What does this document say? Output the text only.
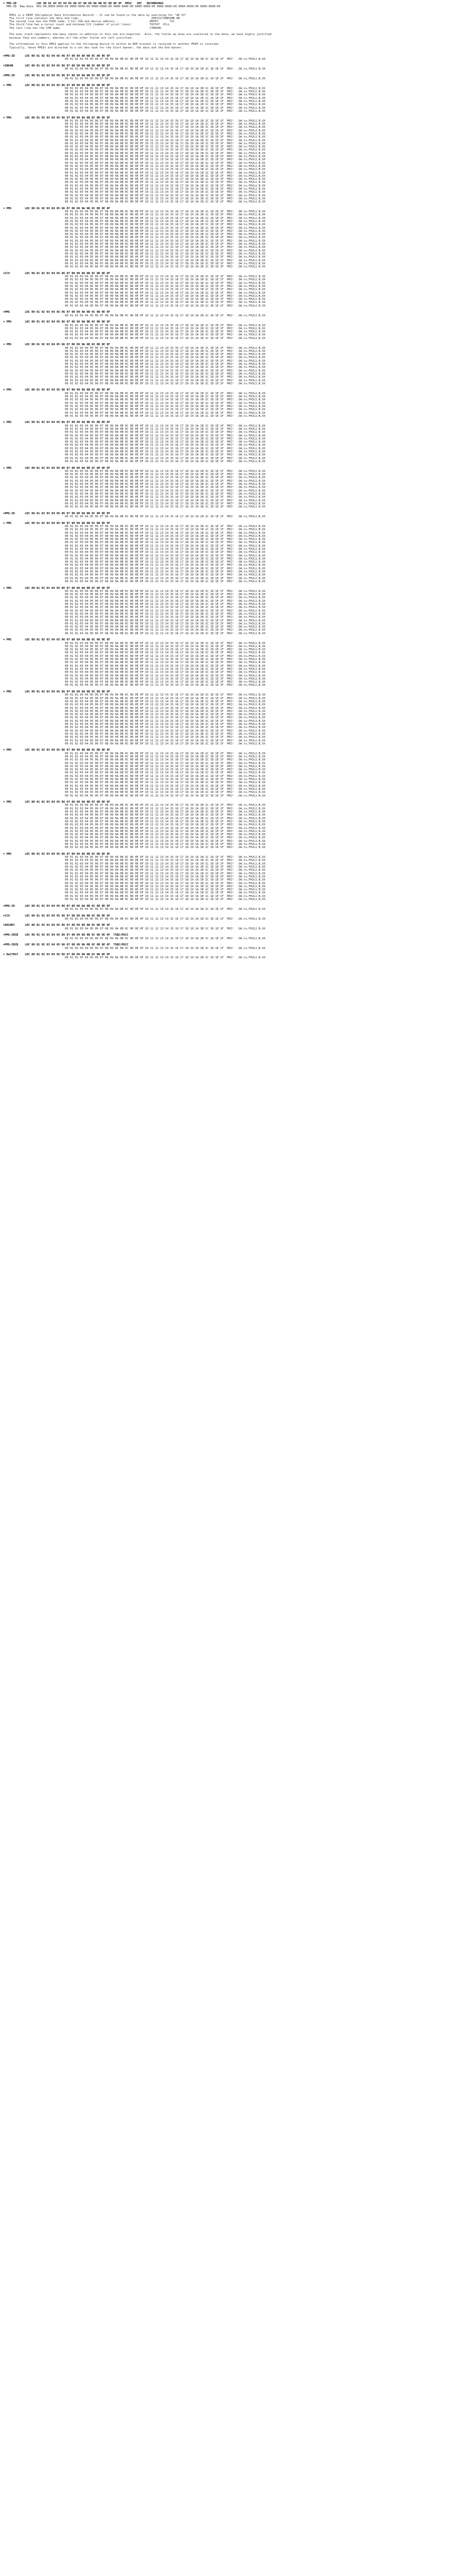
> PMS-ID            LOC 00 01 02 03 04 05 06 07 08 09 0A 0B 0C 0D 0E 0F  PMSI   INT   RECORDINGS
PMS-ID  Raw Data  001-00:0000-0000:00 0000-0000:00 0000-0000:00 0000-0000:00 0000-0000:00 0000-0000:00 0000-0000:00 0000-0000:00
PMSI is a PRIM (Peripheral Data Information Record) - It can be found in the data by searching for "4E 53"
The first line contains the date and time...                                         20H131730NHJMB HB
The second line has the PSHS name, 3 bit CUA and device address...                  ENTRY:      TIC
The third line has a cursor count and minimum I/O (number of print lines)           TVSTAT  VCLL
The last line has the SYM name.                                                     CTRNSHU
The exec stack represents how many copies in addition to this one are expected.  Also, the fields we know are scattered in the data, we have highly justified
because they are numbers, whereas all the other fields are left justified.
The information in this PMSI applies to the following device to within an NOP bracket is received or another PRIM is received.
Typically, these PMSIs are directed to a set dev task for the Start banner, the data and the End banner.
=PMS-ID      LOC 00 01 02 03 04 05 06 07 08 09 0A 0B 0C 0D 0E 0F
00 01 02 03 04 05 06 07 08 09 0A 0B 0C 0D 0E 0F 10 11 12 13 14 15 16 17 18 19 1A 1B 1C 1D 1E 1F  PRI!  .OA.tu.FHJL1.B.XX
=IB04B       LOC 00 01 02 03 04 05 06 07 08 09 0A 0B 0C 0D 0E 0F
00 01 02 03 04 05 06 07 08 09 0A 0B 0C 0D 0E 0F 10 11 12 13 14 15 16 17 18 19 1A 1B 1C 1D 1E 1F  PRI!  .OA.tu.FHJL1.B.XX
=PMS-ID      LOC 00 01 02 03 04 05 06 07 08 09 0A 0B 0C 0D 0E 0F
00 01 02 03 04 05 06 07 08 09 0A 0B 0C 0D 0E 0F 10 11 12 13 14 15 16 17 18 19 1A 1B 1C 1D 1E 1F  PRI!  .OA.tu.FHJL1.B.XX
= PMS        LOC 00 01 02 03 04 05 06 07 08 09 0A 0B 0C 0D 0E 0F
00 01 02 03 04 05 06 07 08 09 0A 0B 0C 0D 0E 0F 10 11 12 13 14 15 16 17 18 19 1A 1B 1C 1D 1E 1F  PRI!  .OA.tu.FHJL1.B.XX
00 01 02 03 04 05 06 07 08 09 0A 0B 0C 0D 0E 0F 10 11 12 13 14 15 16 17 18 19 1A 1B 1C 1D 1E 1F  PRI!  .OA.tu.FHJL1.B.XX
00 01 02 03 04 05 06 07 08 09 0A 0B 0C 0D 0E 0F 10 11 12 13 14 15 16 17 18 19 1A 1B 1C 1D 1E 1F  PRI!  .OA.tu.FHJL1.B.XX
00 01 02 03 04 05 06 07 08 09 0A 0B 0C 0D 0E 0F 10 11 12 13 14 15 16 17 18 19 1A 1B 1C 1D 1E 1F  PRI!  .OA.tu.FHJL1.B.XX
00 01 02 03 04 05 06 07 08 09 0A 0B 0C 0D 0E 0F 10 11 12 13 14 15 16 17 18 19 1A 1B 1C 1D 1E 1F  PRI!  .OA.tu.FHJL1.B.XX
00 01 02 03 04 05 06 07 08 09 0A 0B 0C 0D 0E 0F 10 11 12 13 14 15 16 17 18 19 1A 1B 1C 1D 1E 1F  PRI!  .OA.tu.FHJL1.B.XX
00 01 02 03 04 05 06 07 08 09 0A 0B 0C 0D 0E 0F 10 11 12 13 14 15 16 17 18 19 1A 1B 1C 1D 1E 1F  PRI!  .OA.tu.FHJL1.B.XX
00 01 02 03 04 05 06 07 08 09 0A 0B 0C 0D 0E 0F 10 11 12 13 14 15 16 17 18 19 1A 1B 1C 1D 1E 1F  PRI!  .OA.tu.FHJL1.B.XX
= PMS        LOC 00 01 02 03 04 05 06 07 08 09 0A 0B 0C 0D 0E 0F
00 01 02 03 04 05 06 07 08 09 0A 0B 0C 0D 0E 0F 10 11 12 13 14 15 16 17 18 19 1A 1B 1C 1D 1E 1F  PRI!  .OA.tu.FHJL1.B.XX
00 01 02 03 04 05 06 07 08 09 0A 0B 0C 0D 0E 0F 10 11 12 13 14 15 16 17 18 19 1A 1B 1C 1D 1E 1F  PRI!  .OA.tu.FHJL1.B.XX
00 01 02 03 04 05 06 07 08 09 0A 0B 0C 0D 0E 0F 10 11 12 13 14 15 16 17 18 19 1A 1B 1C 1D 1E 1F  PRI!  .OA.tu.FHJL1.B.XX
00 01 02 03 04 05 06 07 08 09 0A 0B 0C 0D 0E 0F 10 11 12 13 14 15 16 17 18 19 1A 1B 1C 1D 1E 1F  PRI!  .OA.tu.FHJL1.B.XX
00 01 02 03 04 05 06 07 08 09 0A 0B 0C 0D 0E 0F 10 11 12 13 14 15 16 17 18 19 1A 1B 1C 1D 1E 1F  PRI!  .OA.tu.FHJL1.B.XX
00 01 02 03 04 05 06 07 08 09 0A 0B 0C 0D 0E 0F 10 11 12 13 14 15 16 17 18 19 1A 1B 1C 1D 1E 1F  PRI!  .OA.tu.FHJL1.B.XX
00 01 02 03 04 05 06 07 08 09 0A 0B 0C 0D 0E 0F 10 11 12 13 14 15 16 17 18 19 1A 1B 1C 1D 1E 1F  PRI!  .OA.tu.FHJL1.B.XX
00 01 02 03 04 05 06 07 08 09 0A 0B 0C 0D 0E 0F 10 11 12 13 14 15 16 17 18 19 1A 1B 1C 1D 1E 1F  PRI!  .OA.tu.FHJL1.B.XX
00 01 02 03 04 05 06 07 08 09 0A 0B 0C 0D 0E 0F 10 11 12 13 14 15 16 17 18 19 1A 1B 1C 1D 1E 1F  PRI!  .OA.tu.FHJL1.B.XX
00 01 02 03 04 05 06 07 08 09 0A 0B 0C 0D 0E 0F 10 11 12 13 14 15 16 17 18 19 1A 1B 1C 1D 1E 1F  PRI!  .OA.tu.FHJL1.B.XX
00 01 02 03 04 05 06 07 08 09 0A 0B 0C 0D 0E 0F 10 11 12 13 14 15 16 17 18 19 1A 1B 1C 1D 1E 1F  PRI!  .OA.tu.FHJL1.B.XX
00 01 02 03 04 05 06 07 08 09 0A 0B 0C 0D 0E 0F 10 11 12 13 14 15 16 17 18 19 1A 1B 1C 1D 1E 1F  PRI!  .OA.tu.FHJL1.B.XX
00 01 02 03 04 05 06 07 08 09 0A 0B 0C 0D 0E 0F 10 11 12 13 14 15 16 17 18 19 1A 1B 1C 1D 1E 1F  PRI!  .OA.tu.FHJL1.B.XX
00 01 02 03 04 05 06 07 08 09 0A 0B 0C 0D 0E 0F 10 11 12 13 14 15 16 17 18 19 1A 1B 1C 1D 1E 1F  PRI!  .OA.tu.FHJL1.B.XX
00 01 02 03 04 05 06 07 08 09 0A 0B 0C 0D 0E 0F 10 11 12 13 14 15 16 17 18 19 1A 1B 1C 1D 1E 1F  PRI!  .OA.tu.FHJL1.B.XX
00 01 02 03 04 05 06 07 08 09 0A 0B 0C 0D 0E 0F 10 11 12 13 14 15 16 17 18 19 1A 1B 1C 1D 1E 1F  PRI!  .OA.tu.FHJL1.B.XX
00 01 02 03 04 05 06 07 08 09 0A 0B 0C 0D 0E 0F 10 11 12 13 14 15 16 17 18 19 1A 1B 1C 1D 1E 1F  PRI!  .OA.tu.FHJL1.B.XX
00 01 02 03 04 05 06 07 08 09 0A 0B 0C 0D 0E 0F 10 11 12 13 14 15 16 17 18 19 1A 1B 1C 1D 1E 1F  PRI!  .OA.tu.FHJL1.B.XX
00 01 02 03 04 05 06 07 08 09 0A 0B 0C 0D 0E 0F 10 11 12 13 14 15 16 17 18 19 1A 1B 1C 1D 1E 1F  PRI!  .OA.tu.FHJL1.B.XX
00 01 02 03 04 05 06 07 08 09 0A 0B 0C 0D 0E 0F 10 11 12 13 14 15 16 17 18 19 1A 1B 1C 1D 1E 1F  PRI!  .OA.tu.FHJL1.B.XX
00 01 02 03 04 05 06 07 08 09 0A 0B 0C 0D 0E 0F 10 11 12 13 14 15 16 17 18 19 1A 1B 1C 1D 1E 1F  PRI!  .OA.tu.FHJL1.B.XX
00 01 02 03 04 05 06 07 08 09 0A 0B 0C 0D 0E 0F 10 11 12 13 14 15 16 17 18 19 1A 1B 1C 1D 1E 1F  PRI!  .OA.tu.FHJL1.B.XX
00 01 02 03 04 05 06 07 08 09 0A 0B 0C 0D 0E 0F 10 11 12 13 14 15 16 17 18 19 1A 1B 1C 1D 1E 1F  PRI!  .OA.tu.FHJL1.B.XX
00 01 02 03 04 05 06 07 08 09 0A 0B 0C 0D 0E 0F 10 11 12 13 14 15 16 17 18 19 1A 1B 1C 1D 1E 1F  PRI!  .OA.tu.FHJL1.B.XX
00 01 02 03 04 05 06 07 08 09 0A 0B 0C 0D 0E 0F 10 11 12 13 14 15 16 17 18 19 1A 1B 1C 1D 1E 1F  PRI!  .OA.tu.FHJL1.B.XX
00 01 02 03 04 05 06 07 08 09 0A 0B 0C 0D 0E 0F 10 11 12 13 14 15 16 17 18 19 1A 1B 1C 1D 1E 1F  PRI!  .OA.tu.FHJL1.B.XX
= PMS        LOC 00 01 02 03 04 05 06 07 08 09 0A 0B 0C 0D 0E 0F
00 01 02 03 04 05 06 07 08 09 0A 0B 0C 0D 0E 0F 10 11 12 13 14 15 16 17 18 19 1A 1B 1C 1D 1E 1F  PRI!  .OA.tu.FHJL1.B.XX
00 01 02 03 04 05 06 07 08 09 0A 0B 0C 0D 0E 0F 10 11 12 13 14 15 16 17 18 19 1A 1B 1C 1D 1E 1F  PRI!  .OA.tu.FHJL1.B.XX
00 01 02 03 04 05 06 07 08 09 0A 0B 0C 0D 0E 0F 10 11 12 13 14 15 16 17 18 19 1A 1B 1C 1D 1E 1F  PRI!  .OA.tu.FHJL1.B.XX
00 01 02 03 04 05 06 07 08 09 0A 0B 0C 0D 0E 0F 10 11 12 13 14 15 16 17 18 19 1A 1B 1C 1D 1E 1F  PRI!  .OA.tu.FHJL1.B.XX
00 01 02 03 04 05 06 07 08 09 0A 0B 0C 0D 0E 0F 10 11 12 13 14 15 16 17 18 19 1A 1B 1C 1D 1E 1F  PRI!  .OA.tu.FHJL1.B.XX
00 01 02 03 04 05 06 07 08 09 0A 0B 0C 0D 0E 0F 10 11 12 13 14 15 16 17 18 19 1A 1B 1C 1D 1E 1F  PRI!  .OA.tu.FHJL1.B.XX
00 01 02 03 04 05 06 07 08 09 0A 0B 0C 0D 0E 0F 10 11 12 13 14 15 16 17 18 19 1A 1B 1C 1D 1E 1F  PRI!  .OA.tu.FHJL1.B.XX
00 01 02 03 04 05 06 07 08 09 0A 0B 0C 0D 0E 0F 10 11 12 13 14 15 16 17 18 19 1A 1B 1C 1D 1E 1F  PRI!  .OA.tu.FHJL1.B.XX
00 01 02 03 04 05 06 07 08 09 0A 0B 0C 0D 0E 0F 10 11 12 13 14 15 16 17 18 19 1A 1B 1C 1D 1E 1F  PRI!  .OA.tu.FHJL1.B.XX
00 01 02 03 04 05 06 07 08 09 0A 0B 0C 0D 0E 0F 10 11 12 13 14 15 16 17 18 19 1A 1B 1C 1D 1E 1F  PRI!  .OA.tu.FHJL1.B.XX
00 01 02 03 04 05 06 07 08 09 0A 0B 0C 0D 0E 0F 10 11 12 13 14 15 16 17 18 19 1A 1B 1C 1D 1E 1F  PRI!  .OA.tu.FHJL1.B.XX
00 01 02 03 04 05 06 07 08 09 0A 0B 0C 0D 0E 0F 10 11 12 13 14 15 16 17 18 19 1A 1B 1C 1D 1E 1F  PRI!  .OA.tu.FHJL1.B.XX
00 01 02 03 04 05 06 07 08 09 0A 0B 0C 0D 0E 0F 10 11 12 13 14 15 16 17 18 19 1A 1B 1C 1D 1E 1F  PRI!  .OA.tu.FHJL1.B.XX
00 01 02 03 04 05 06 07 08 09 0A 0B 0C 0D 0E 0F 10 11 12 13 14 15 16 17 18 19 1A 1B 1C 1D 1E 1F  PRI!  .OA.tu.FHJL1.B.XX
00 01 02 03 04 05 06 07 08 09 0A 0B 0C 0D 0E 0F 10 11 12 13 14 15 16 17 18 19 1A 1B 1C 1D 1E 1F  PRI!  .OA.tu.FHJL1.B.XX
00 01 02 03 04 05 06 07 08 09 0A 0B 0C 0D 0E 0F 10 11 12 13 14 15 16 17 18 19 1A 1B 1C 1D 1E 1F  PRI!  .OA.tu.FHJL1.B.XX
00 01 02 03 04 05 06 07 08 09 0A 0B 0C 0D 0E 0F 10 11 12 13 14 15 16 17 18 19 1A 1B 1C 1D 1E 1F  PRI!  .OA.tu.FHJL1.B.XX
00 01 02 03 04 05 06 07 08 09 0A 0B 0C 0D 0E 0F 10 11 12 13 14 15 16 17 18 19 1A 1B 1C 1D 1E 1F  PRI!  .OA.tu.FHJL1.B.XX
=CCV         LOC 00 01 02 03 04 05 06 07 08 09 0A 0B 0C 0D 0E 0F
00 01 02 03 04 05 06 07 08 09 0A 0B 0C 0D 0E 0F 10 11 12 13 14 15 16 17 18 19 1A 1B 1C 1D 1E 1F  PRI!  .OA.tu.FHJL1.B.XX
00 01 02 03 04 05 06 07 08 09 0A 0B 0C 0D 0E 0F 10 11 12 13 14 15 16 17 18 19 1A 1B 1C 1D 1E 1F  PRI!  .OA.tu.FHJL1.B.XX
00 01 02 03 04 05 06 07 08 09 0A 0B 0C 0D 0E 0F 10 11 12 13 14 15 16 17 18 19 1A 1B 1C 1D 1E 1F  PRI!  .OA.tu.FHJL1.B.XX
00 01 02 03 04 05 06 07 08 09 0A 0B 0C 0D 0E 0F 10 11 12 13 14 15 16 17 18 19 1A 1B 1C 1D 1E 1F  PRI!  .OA.tu.FHJL1.B.XX
00 01 02 03 04 05 06 07 08 09 0A 0B 0C 0D 0E 0F 10 11 12 13 14 15 16 17 18 19 1A 1B 1C 1D 1E 1F  PRI!  .OA.tu.FHJL1.B.XX
00 01 02 03 04 05 06 07 08 09 0A 0B 0C 0D 0E 0F 10 11 12 13 14 15 16 17 18 19 1A 1B 1C 1D 1E 1F  PRI!  .OA.tu.FHJL1.B.XX
00 01 02 03 04 05 06 07 08 09 0A 0B 0C 0D 0E 0F 10 11 12 13 14 15 16 17 18 19 1A 1B 1C 1D 1E 1F  PRI!  .OA.tu.FHJL1.B.XX
00 01 02 03 04 05 06 07 08 09 0A 0B 0C 0D 0E 0F 10 11 12 13 14 15 16 17 18 19 1A 1B 1C 1D 1E 1F  PRI!  .OA.tu.FHJL1.B.XX
00 01 02 03 04 05 06 07 08 09 0A 0B 0C 0D 0E 0F 10 11 12 13 14 15 16 17 18 19 1A 1B 1C 1D 1E 1F  PRI!  .OA.tu.FHJL1.B.XX
00 01 02 03 04 05 06 07 08 09 0A 0B 0C 0D 0E 0F 10 11 12 13 14 15 16 17 18 19 1A 1B 1C 1D 1E 1F  PRI!  .OA.tu.FHJL1.B.XX
=PMS         LOC 00 01 02 03 04 05 06 07 08 09 0A 0B 0C 0D 0E 0F
00 01 02 03 04 05 06 07 08 09 0A 0B 0C 0D 0E 0F 10 11 12 13 14 15 16 17 18 19 1A 1B 1C 1D 1E 1F  PRI!  .OA.tu.FHJL1.B.XX
= PMS        LOC 00 01 02 03 04 05 06 07 08 09 0A 0B 0C 0D 0E 0F
00 01 02 03 04 05 06 07 08 09 0A 0B 0C 0D 0E 0F 10 11 12 13 14 15 16 17 18 19 1A 1B 1C 1D 1E 1F  PRI!  .OA.tu.FHJL1.B.XX
00 01 02 03 04 05 06 07 08 09 0A 0B 0C 0D 0E 0F 10 11 12 13 14 15 16 17 18 19 1A 1B 1C 1D 1E 1F  PRI!  .OA.tu.FHJL1.B.XX
00 01 02 03 04 05 06 07 08 09 0A 0B 0C 0D 0E 0F 10 11 12 13 14 15 16 17 18 19 1A 1B 1C 1D 1E 1F  PRI!  .OA.tu.FHJL1.B.XX
00 01 02 03 04 05 06 07 08 09 0A 0B 0C 0D 0E 0F 10 11 12 13 14 15 16 17 18 19 1A 1B 1C 1D 1E 1F  PRI!  .OA.tu.FHJL1.B.XX
00 01 02 03 04 05 06 07 08 09 0A 0B 0C 0D 0E 0F 10 11 12 13 14 15 16 17 18 19 1A 1B 1C 1D 1E 1F  PRI!  .OA.tu.FHJL1.B.XX
= PMS        LOC 00 01 02 03 04 05 06 07 08 09 0A 0B 0C 0D 0E 0F
00 01 02 03 04 05 06 07 08 09 0A 0B 0C 0D 0E 0F 10 11 12 13 14 15 16 17 18 19 1A 1B 1C 1D 1E 1F  PRI!  .OA.tu.FHJL1.B.XX
00 01 02 03 04 05 06 07 08 09 0A 0B 0C 0D 0E 0F 10 11 12 13 14 15 16 17 18 19 1A 1B 1C 1D 1E 1F  PRI!  .OA.tu.FHJL1.B.XX
00 01 02 03 04 05 06 07 08 09 0A 0B 0C 0D 0E 0F 10 11 12 13 14 15 16 17 18 19 1A 1B 1C 1D 1E 1F  PRI!  .OA.tu.FHJL1.B.XX
00 01 02 03 04 05 06 07 08 09 0A 0B 0C 0D 0E 0F 10 11 12 13 14 15 16 17 18 19 1A 1B 1C 1D 1E 1F  PRI!  .OA.tu.FHJL1.B.XX
00 01 02 03 04 05 06 07 08 09 0A 0B 0C 0D 0E 0F 10 11 12 13 14 15 16 17 18 19 1A 1B 1C 1D 1E 1F  PRI!  .OA.tu.FHJL1.B.XX
00 01 02 03 04 05 06 07 08 09 0A 0B 0C 0D 0E 0F 10 11 12 13 14 15 16 17 18 19 1A 1B 1C 1D 1E 1F  PRI!  .OA.tu.FHJL1.B.XX
00 01 02 03 04 05 06 07 08 09 0A 0B 0C 0D 0E 0F 10 11 12 13 14 15 16 17 18 19 1A 1B 1C 1D 1E 1F  PRI!  .OA.tu.FHJL1.B.XX
00 01 02 03 04 05 06 07 08 09 0A 0B 0C 0D 0E 0F 10 11 12 13 14 15 16 17 18 19 1A 1B 1C 1D 1E 1F  PRI!  .OA.tu.FHJL1.B.XX
00 01 02 03 04 05 06 07 08 09 0A 0B 0C 0D 0E 0F 10 11 12 13 14 15 16 17 18 19 1A 1B 1C 1D 1E 1F  PRI!  .OA.tu.FHJL1.B.XX
00 01 02 03 04 05 06 07 08 09 0A 0B 0C 0D 0E 0F 10 11 12 13 14 15 16 17 18 19 1A 1B 1C 1D 1E 1F  PRI!  .OA.tu.FHJL1.B.XX
00 01 02 03 04 05 06 07 08 09 0A 0B 0C 0D 0E 0F 10 11 12 13 14 15 16 17 18 19 1A 1B 1C 1D 1E 1F  PRI!  .OA.tu.FHJL1.B.XX
00 01 02 03 04 05 06 07 08 09 0A 0B 0C 0D 0E 0F 10 11 12 13 14 15 16 17 18 19 1A 1B 1C 1D 1E 1F  PRI!  .OA.tu.FHJL1.B.XX
= PMS        LOC 00 01 02 03 04 05 06 07 08 09 0A 0B 0C 0D 0E 0F
00 01 02 03 04 05 06 07 08 09 0A 0B 0C 0D 0E 0F 10 11 12 13 14 15 16 17 18 19 1A 1B 1C 1D 1E 1F  PRI!  .OA.tu.FHJL1.B.XX
00 01 02 03 04 05 06 07 08 09 0A 0B 0C 0D 0E 0F 10 11 12 13 14 15 16 17 18 19 1A 1B 1C 1D 1E 1F  PRI!  .OA.tu.FHJL1.B.XX
00 01 02 03 04 05 06 07 08 09 0A 0B 0C 0D 0E 0F 10 11 12 13 14 15 16 17 18 19 1A 1B 1C 1D 1E 1F  PRI!  .OA.tu.FHJL1.B.XX
00 01 02 03 04 05 06 07 08 09 0A 0B 0C 0D 0E 0F 10 11 12 13 14 15 16 17 18 19 1A 1B 1C 1D 1E 1F  PRI!  .OA.tu.FHJL1.B.XX
00 01 02 03 04 05 06 07 08 09 0A 0B 0C 0D 0E 0F 10 11 12 13 14 15 16 17 18 19 1A 1B 1C 1D 1E 1F  PRI!  .OA.tu.FHJL1.B.XX
00 01 02 03 04 05 06 07 08 09 0A 0B 0C 0D 0E 0F 10 11 12 13 14 15 16 17 18 19 1A 1B 1C 1D 1E 1F  PRI!  .OA.tu.FHJL1.B.XX
00 01 02 03 04 05 06 07 08 09 0A 0B 0C 0D 0E 0F 10 11 12 13 14 15 16 17 18 19 1A 1B 1C 1D 1E 1F  PRI!  .OA.tu.FHJL1.B.XX
00 01 02 03 04 05 06 07 08 09 0A 0B 0C 0D 0E 0F 10 11 12 13 14 15 16 17 18 19 1A 1B 1C 1D 1E 1F  PRI!  .OA.tu.FHJL1.B.XX
= PMS        LOC 00 01 02 03 04 05 06 07 08 09 0A 0B 0C 0D 0E 0F
00 01 02 03 04 05 06 07 08 09 0A 0B 0C 0D 0E 0F 10 11 12 13 14 15 16 17 18 19 1A 1B 1C 1D 1E 1F  PRI!  .OA.tu.FHJL1.B.XX
00 01 02 03 04 05 06 07 08 09 0A 0B 0C 0D 0E 0F 10 11 12 13 14 15 16 17 18 19 1A 1B 1C 1D 1E 1F  PRI!  .OA.tu.FHJL1.B.XX
00 01 02 03 04 05 06 07 08 09 0A 0B 0C 0D 0E 0F 10 11 12 13 14 15 16 17 18 19 1A 1B 1C 1D 1E 1F  PRI!  .OA.tu.FHJL1.B.XX
00 01 02 03 04 05 06 07 08 09 0A 0B 0C 0D 0E 0F 10 11 12 13 14 15 16 17 18 19 1A 1B 1C 1D 1E 1F  PRI!  .OA.tu.FHJL1.B.XX
00 01 02 03 04 05 06 07 08 09 0A 0B 0C 0D 0E 0F 10 11 12 13 14 15 16 17 18 19 1A 1B 1C 1D 1E 1F  PRI!  .OA.tu.FHJL1.B.XX
00 01 02 03 04 05 06 07 08 09 0A 0B 0C 0D 0E 0F 10 11 12 13 14 15 16 17 18 19 1A 1B 1C 1D 1E 1F  PRI!  .OA.tu.FHJL1.B.XX
00 01 02 03 04 05 06 07 08 09 0A 0B 0C 0D 0E 0F 10 11 12 13 14 15 16 17 18 19 1A 1B 1C 1D 1E 1F  PRI!  .OA.tu.FHJL1.B.XX
00 01 02 03 04 05 06 07 08 09 0A 0B 0C 0D 0E 0F 10 11 12 13 14 15 16 17 18 19 1A 1B 1C 1D 1E 1F  PRI!  .OA.tu.FHJL1.B.XX
00 01 02 03 04 05 06 07 08 09 0A 0B 0C 0D 0E 0F 10 11 12 13 14 15 16 17 18 19 1A 1B 1C 1D 1E 1F  PRI!  .OA.tu.FHJL1.B.XX
00 01 02 03 04 05 06 07 08 09 0A 0B 0C 0D 0E 0F 10 11 12 13 14 15 16 17 18 19 1A 1B 1C 1D 1E 1F  PRI!  .OA.tu.FHJL1.B.XX
00 01 02 03 04 05 06 07 08 09 0A 0B 0C 0D 0E 0F 10 11 12 13 14 15 16 17 18 19 1A 1B 1C 1D 1E 1F  PRI!  .OA.tu.FHJL1.B.XX
00 01 02 03 04 05 06 07 08 09 0A 0B 0C 0D 0E 0F 10 11 12 13 14 15 16 17 18 19 1A 1B 1C 1D 1E 1F  PRI!  .OA.tu.FHJL1.B.XX
= PMS        LOC 00 01 02 03 04 05 06 07 08 09 0A 0B 0C 0D 0E 0F
00 01 02 03 04 05 06 07 08 09 0A 0B 0C 0D 0E 0F 10 11 12 13 14 15 16 17 18 19 1A 1B 1C 1D 1E 1F  PRI!  .OA.tu.FHJL1.B.XX
00 01 02 03 04 05 06 07 08 09 0A 0B 0C 0D 0E 0F 10 11 12 13 14 15 16 17 18 19 1A 1B 1C 1D 1E 1F  PRI!  .OA.tu.FHJL1.B.XX
00 01 02 03 04 05 06 07 08 09 0A 0B 0C 0D 0E 0F 10 11 12 13 14 15 16 17 18 19 1A 1B 1C 1D 1E 1F  PRI!  .OA.tu.FHJL1.B.XX
00 01 02 03 04 05 06 07 08 09 0A 0B 0C 0D 0E 0F 10 11 12 13 14 15 16 17 18 19 1A 1B 1C 1D 1E 1F  PRI!  .OA.tu.FHJL1.B.XX
00 01 02 03 04 05 06 07 08 09 0A 0B 0C 0D 0E 0F 10 11 12 13 14 15 16 17 18 19 1A 1B 1C 1D 1E 1F  PRI!  .OA.tu.FHJL1.B.XX
00 01 02 03 04 05 06 07 08 09 0A 0B 0C 0D 0E 0F 10 11 12 13 14 15 16 17 18 19 1A 1B 1C 1D 1E 1F  PRI!  .OA.tu.FHJL1.B.XX
00 01 02 03 04 05 06 07 08 09 0A 0B 0C 0D 0E 0F 10 11 12 13 14 15 16 17 18 19 1A 1B 1C 1D 1E 1F  PRI!  .OA.tu.FHJL1.B.XX
00 01 02 03 04 05 06 07 08 09 0A 0B 0C 0D 0E 0F 10 11 12 13 14 15 16 17 18 19 1A 1B 1C 1D 1E 1F  PRI!  .OA.tu.FHJL1.B.XX
00 01 02 03 04 05 06 07 08 09 0A 0B 0C 0D 0E 0F 10 11 12 13 14 15 16 17 18 19 1A 1B 1C 1D 1E 1F  PRI!  .OA.tu.FHJL1.B.XX
00 01 02 03 04 05 06 07 08 09 0A 0B 0C 0D 0E 0F 10 11 12 13 14 15 16 17 18 19 1A 1B 1C 1D 1E 1F  PRI!  .OA.tu.FHJL1.B.XX
00 01 02 03 04 05 06 07 08 09 0A 0B 0C 0D 0E 0F 10 11 12 13 14 15 16 17 18 19 1A 1B 1C 1D 1E 1F  PRI!  .OA.tu.FHJL1.B.XX
00 01 02 03 04 05 06 07 08 09 0A 0B 0C 0D 0E 0F 10 11 12 13 14 15 16 17 18 19 1A 1B 1C 1D 1E 1F  PRI!  .OA.tu.FHJL1.B.XX
=PMS-ID      LOC 00 01 02 03 04 05 06 07 08 09 0A 0B 0C 0D 0E 0F
00 01 02 03 04 05 06 07 08 09 0A 0B 0C 0D 0E 0F 10 11 12 13 14 15 16 17 18 19 1A 1B 1C 1D 1E 1F  PRI!  .OA.tu.FHJL1.B.XX
= PMS        LOC 00 01 02 03 04 05 06 07 08 09 0A 0B 0C 0D 0E 0F
00 01 02 03 04 05 06 07 08 09 0A 0B 0C 0D 0E 0F 10 11 12 13 14 15 16 17 18 19 1A 1B 1C 1D 1E 1F  PRI!  .OA.tu.FHJL1.B.XX
00 01 02 03 04 05 06 07 08 09 0A 0B 0C 0D 0E 0F 10 11 12 13 14 15 16 17 18 19 1A 1B 1C 1D 1E 1F  PRI!  .OA.tu.FHJL1.B.XX
00 01 02 03 04 05 06 07 08 09 0A 0B 0C 0D 0E 0F 10 11 12 13 14 15 16 17 18 19 1A 1B 1C 1D 1E 1F  PRI!  .OA.tu.FHJL1.B.XX
00 01 02 03 04 05 06 07 08 09 0A 0B 0C 0D 0E 0F 10 11 12 13 14 15 16 17 18 19 1A 1B 1C 1D 1E 1F  PRI!  .OA.tu.FHJL1.B.XX
00 01 02 03 04 05 06 07 08 09 0A 0B 0C 0D 0E 0F 10 11 12 13 14 15 16 17 18 19 1A 1B 1C 1D 1E 1F  PRI!  .OA.tu.FHJL1.B.XX
00 01 02 03 04 05 06 07 08 09 0A 0B 0C 0D 0E 0F 10 11 12 13 14 15 16 17 18 19 1A 1B 1C 1D 1E 1F  PRI!  .OA.tu.FHJL1.B.XX
00 01 02 03 04 05 06 07 08 09 0A 0B 0C 0D 0E 0F 10 11 12 13 14 15 16 17 18 19 1A 1B 1C 1D 1E 1F  PRI!  .OA.tu.FHJL1.B.XX
00 01 02 03 04 05 06 07 08 09 0A 0B 0C 0D 0E 0F 10 11 12 13 14 15 16 17 18 19 1A 1B 1C 1D 1E 1F  PRI!  .OA.tu.FHJL1.B.XX
00 01 02 03 04 05 06 07 08 09 0A 0B 0C 0D 0E 0F 10 11 12 13 14 15 16 17 18 19 1A 1B 1C 1D 1E 1F  PRI!  .OA.tu.FHJL1.B.XX
00 01 02 03 04 05 06 07 08 09 0A 0B 0C 0D 0E 0F 10 11 12 13 14 15 16 17 18 19 1A 1B 1C 1D 1E 1F  PRI!  .OA.tu.FHJL1.B.XX
00 01 02 03 04 05 06 07 08 09 0A 0B 0C 0D 0E 0F 10 11 12 13 14 15 16 17 18 19 1A 1B 1C 1D 1E 1F  PRI!  .OA.tu.FHJL1.B.XX
00 01 02 03 04 05 06 07 08 09 0A 0B 0C 0D 0E 0F 10 11 12 13 14 15 16 17 18 19 1A 1B 1C 1D 1E 1F  PRI!  .OA.tu.FHJL1.B.XX
00 01 02 03 04 05 06 07 08 09 0A 0B 0C 0D 0E 0F 10 11 12 13 14 15 16 17 18 19 1A 1B 1C 1D 1E 1F  PRI!  .OA.tu.FHJL1.B.XX
00 01 02 03 04 05 06 07 08 09 0A 0B 0C 0D 0E 0F 10 11 12 13 14 15 16 17 18 19 1A 1B 1C 1D 1E 1F  PRI!  .OA.tu.FHJL1.B.XX
00 01 02 03 04 05 06 07 08 09 0A 0B 0C 0D 0E 0F 10 11 12 13 14 15 16 17 18 19 1A 1B 1C 1D 1E 1F  PRI!  .OA.tu.FHJL1.B.XX
00 01 02 03 04 05 06 07 08 09 0A 0B 0C 0D 0E 0F 10 11 12 13 14 15 16 17 18 19 1A 1B 1C 1D 1E 1F  PRI!  .OA.tu.FHJL1.B.XX
00 01 02 03 04 05 06 07 08 09 0A 0B 0C 0D 0E 0F 10 11 12 13 14 15 16 17 18 19 1A 1B 1C 1D 1E 1F  PRI!  .OA.tu.FHJL1.B.XX
00 01 02 03 04 05 06 07 08 09 0A 0B 0C 0D 0E 0F 10 11 12 13 14 15 16 17 18 19 1A 1B 1C 1D 1E 1F  PRI!  .OA.tu.FHJL1.B.XX
= PMS        LOC 00 01 02 03 04 05 06 07 08 09 0A 0B 0C 0D 0E 0F
00 01 02 03 04 05 06 07 08 09 0A 0B 0C 0D 0E 0F 10 11 12 13 14 15 16 17 18 19 1A 1B 1C 1D 1E 1F  PRI!  .OA.tu.FHJL1.B.XX
00 01 02 03 04 05 06 07 08 09 0A 0B 0C 0D 0E 0F 10 11 12 13 14 15 16 17 18 19 1A 1B 1C 1D 1E 1F  PRI!  .OA.tu.FHJL1.B.XX
00 01 02 03 04 05 06 07 08 09 0A 0B 0C 0D 0E 0F 10 11 12 13 14 15 16 17 18 19 1A 1B 1C 1D 1E 1F  PRI!  .OA.tu.FHJL1.B.XX
00 01 02 03 04 05 06 07 08 09 0A 0B 0C 0D 0E 0F 10 11 12 13 14 15 16 17 18 19 1A 1B 1C 1D 1E 1F  PRI!  .OA.tu.FHJL1.B.XX
00 01 02 03 04 05 06 07 08 09 0A 0B 0C 0D 0E 0F 10 11 12 13 14 15 16 17 18 19 1A 1B 1C 1D 1E 1F  PRI!  .OA.tu.FHJL1.B.XX
00 01 02 03 04 05 06 07 08 09 0A 0B 0C 0D 0E 0F 10 11 12 13 14 15 16 17 18 19 1A 1B 1C 1D 1E 1F  PRI!  .OA.tu.FHJL1.B.XX
00 01 02 03 04 05 06 07 08 09 0A 0B 0C 0D 0E 0F 10 11 12 13 14 15 16 17 18 19 1A 1B 1C 1D 1E 1F  PRI!  .OA.tu.FHJL1.B.XX
00 01 02 03 04 05 06 07 08 09 0A 0B 0C 0D 0E 0F 10 11 12 13 14 15 16 17 18 19 1A 1B 1C 1D 1E 1F  PRI!  .OA.tu.FHJL1.B.XX
00 01 02 03 04 05 06 07 08 09 0A 0B 0C 0D 0E 0F 10 11 12 13 14 15 16 17 18 19 1A 1B 1C 1D 1E 1F  PRI!  .OA.tu.FHJL1.B.XX
00 01 02 03 04 05 06 07 08 09 0A 0B 0C 0D 0E 0F 10 11 12 13 14 15 16 17 18 19 1A 1B 1C 1D 1E 1F  PRI!  .OA.tu.FHJL1.B.XX
00 01 02 03 04 05 06 07 08 09 0A 0B 0C 0D 0E 0F 10 11 12 13 14 15 16 17 18 19 1A 1B 1C 1D 1E 1F  PRI!  .OA.tu.FHJL1.B.XX
00 01 02 03 04 05 06 07 08 09 0A 0B 0C 0D 0E 0F 10 11 12 13 14 15 16 17 18 19 1A 1B 1C 1D 1E 1F  PRI!  .OA.tu.FHJL1.B.XX
00 01 02 03 04 05 06 07 08 09 0A 0B 0C 0D 0E 0F 10 11 12 13 14 15 16 17 18 19 1A 1B 1C 1D 1E 1F  PRI!  .OA.tu.FHJL1.B.XX
00 01 02 03 04 05 06 07 08 09 0A 0B 0C 0D 0E 0F 10 11 12 13 14 15 16 17 18 19 1A 1B 1C 1D 1E 1F  PRI!  .OA.tu.FHJL1.B.XX
= PMS        LOC 00 01 02 03 04 05 06 07 08 09 0A 0B 0C 0D 0E 0F
00 01 02 03 04 05 06 07 08 09 0A 0B 0C 0D 0E 0F 10 11 12 13 14 15 16 17 18 19 1A 1B 1C 1D 1E 1F  PRI!  .OA.tu.FHJL1.B.XX
00 01 02 03 04 05 06 07 08 09 0A 0B 0C 0D 0E 0F 10 11 12 13 14 15 16 17 18 19 1A 1B 1C 1D 1E 1F  PRI!  .OA.tu.FHJL1.B.XX
00 01 02 03 04 05 06 07 08 09 0A 0B 0C 0D 0E 0F 10 11 12 13 14 15 16 17 18 19 1A 1B 1C 1D 1E 1F  PRI!  .OA.tu.FHJL1.B.XX
00 01 02 03 04 05 06 07 08 09 0A 0B 0C 0D 0E 0F 10 11 12 13 14 15 16 17 18 19 1A 1B 1C 1D 1E 1F  PRI!  .OA.tu.FHJL1.B.XX
00 01 02 03 04 05 06 07 08 09 0A 0B 0C 0D 0E 0F 10 11 12 13 14 15 16 17 18 19 1A 1B 1C 1D 1E 1F  PRI!  .OA.tu.FHJL1.B.XX
00 01 02 03 04 05 06 07 08 09 0A 0B 0C 0D 0E 0F 10 11 12 13 14 15 16 17 18 19 1A 1B 1C 1D 1E 1F  PRI!  .OA.tu.FHJL1.B.XX
00 01 02 03 04 05 06 07 08 09 0A 0B 0C 0D 0E 0F 10 11 12 13 14 15 16 17 18 19 1A 1B 1C 1D 1E 1F  PRI!  .OA.tu.FHJL1.B.XX
00 01 02 03 04 05 06 07 08 09 0A 0B 0C 0D 0E 0F 10 11 12 13 14 15 16 17 18 19 1A 1B 1C 1D 1E 1F  PRI!  .OA.tu.FHJL1.B.XX
00 01 02 03 04 05 06 07 08 09 0A 0B 0C 0D 0E 0F 10 11 12 13 14 15 16 17 18 19 1A 1B 1C 1D 1E 1F  PRI!  .OA.tu.FHJL1.B.XX
00 01 02 03 04 05 06 07 08 09 0A 0B 0C 0D 0E 0F 10 11 12 13 14 15 16 17 18 19 1A 1B 1C 1D 1E 1F  PRI!  .OA.tu.FHJL1.B.XX
00 01 02 03 04 05 06 07 08 09 0A 0B 0C 0D 0E 0F 10 11 12 13 14 15 16 17 18 19 1A 1B 1C 1D 1E 1F  PRI!  .OA.tu.FHJL1.B.XX
00 01 02 03 04 05 06 07 08 09 0A 0B 0C 0D 0E 0F 10 11 12 13 14 15 16 17 18 19 1A 1B 1C 1D 1E 1F  PRI!  .OA.tu.FHJL1.B.XX
00 01 02 03 04 05 06 07 08 09 0A 0B 0C 0D 0E 0F 10 11 12 13 14 15 16 17 18 19 1A 1B 1C 1D 1E 1F  PRI!  .OA.tu.FHJL1.B.XX
00 01 02 03 04 05 06 07 08 09 0A 0B 0C 0D 0E 0F 10 11 12 13 14 15 16 17 18 19 1A 1B 1C 1D 1E 1F  PRI!  .OA.tu.FHJL1.B.XX
= PMS        LOC 00 01 02 03 04 05 06 07 08 09 0A 0B 0C 0D 0E 0F
00 01 02 03 04 05 06 07 08 09 0A 0B 0C 0D 0E 0F 10 11 12 13 14 15 16 17 18 19 1A 1B 1C 1D 1E 1F  PRI!  .OA.tu.FHJL1.B.XX
00 01 02 03 04 05 06 07 08 09 0A 0B 0C 0D 0E 0F 10 11 12 13 14 15 16 17 18 19 1A 1B 1C 1D 1E 1F  PRI!  .OA.tu.FHJL1.B.XX
00 01 02 03 04 05 06 07 08 09 0A 0B 0C 0D 0E 0F 10 11 12 13 14 15 16 17 18 19 1A 1B 1C 1D 1E 1F  PRI!  .OA.tu.FHJL1.B.XX
00 01 02 03 04 05 06 07 08 09 0A 0B 0C 0D 0E 0F 10 11 12 13 14 15 16 17 18 19 1A 1B 1C 1D 1E 1F  PRI!  .OA.tu.FHJL1.B.XX
00 01 02 03 04 05 06 07 08 09 0A 0B 0C 0D 0E 0F 10 11 12 13 14 15 16 17 18 19 1A 1B 1C 1D 1E 1F  PRI!  .OA.tu.FHJL1.B.XX
00 01 02 03 04 05 06 07 08 09 0A 0B 0C 0D 0E 0F 10 11 12 13 14 15 16 17 18 19 1A 1B 1C 1D 1E 1F  PRI!  .OA.tu.FHJL1.B.XX
00 01 02 03 04 05 06 07 08 09 0A 0B 0C 0D 0E 0F 10 11 12 13 14 15 16 17 18 19 1A 1B 1C 1D 1E 1F  PRI!  .OA.tu.FHJL1.B.XX
00 01 02 03 04 05 06 07 08 09 0A 0B 0C 0D 0E 0F 10 11 12 13 14 15 16 17 18 19 1A 1B 1C 1D 1E 1F  PRI!  .OA.tu.FHJL1.B.XX
00 01 02 03 04 05 06 07 08 09 0A 0B 0C 0D 0E 0F 10 11 12 13 14 15 16 17 18 19 1A 1B 1C 1D 1E 1F  PRI!  .OA.tu.FHJL1.B.XX
00 01 02 03 04 05 06 07 08 09 0A 0B 0C 0D 0E 0F 10 11 12 13 14 15 16 17 18 19 1A 1B 1C 1D 1E 1F  PRI!  .OA.tu.FHJL1.B.XX
00 01 02 03 04 05 06 07 08 09 0A 0B 0C 0D 0E 0F 10 11 12 13 14 15 16 17 18 19 1A 1B 1C 1D 1E 1F  PRI!  .OA.tu.FHJL1.B.XX
00 01 02 03 04 05 06 07 08 09 0A 0B 0C 0D 0E 0F 10 11 12 13 14 15 16 17 18 19 1A 1B 1C 1D 1E 1F  PRI!  .OA.tu.FHJL1.B.XX
00 01 02 03 04 05 06 07 08 09 0A 0B 0C 0D 0E 0F 10 11 12 13 14 15 16 17 18 19 1A 1B 1C 1D 1E 1F  PRI!  .OA.tu.FHJL1.B.XX
00 01 02 03 04 05 06 07 08 09 0A 0B 0C 0D 0E 0F 10 11 12 13 14 15 16 17 18 19 1A 1B 1C 1D 1E 1F  PRI!  .OA.tu.FHJL1.B.XX
00 01 02 03 04 05 06 07 08 09 0A 0B 0C 0D 0E 0F 10 11 12 13 14 15 16 17 18 19 1A 1B 1C 1D 1E 1F  PRI!  .OA.tu.FHJL1.B.XX
00 01 02 03 04 05 06 07 08 09 0A 0B 0C 0D 0E 0F 10 11 12 13 14 15 16 17 18 19 1A 1B 1C 1D 1E 1F  PRI!  .OA.tu.FHJL1.B.XX
= PMS        LOC 00 01 02 03 04 05 06 07 08 09 0A 0B 0C 0D 0E 0F
00 01 02 03 04 05 06 07 08 09 0A 0B 0C 0D 0E 0F 10 11 12 13 14 15 16 17 18 19 1A 1B 1C 1D 1E 1F  PRI!  .OA.tu.FHJL1.B.XX
00 01 02 03 04 05 06 07 08 09 0A 0B 0C 0D 0E 0F 10 11 12 13 14 15 16 17 18 19 1A 1B 1C 1D 1E 1F  PRI!  .OA.tu.FHJL1.B.XX
00 01 02 03 04 05 06 07 08 09 0A 0B 0C 0D 0E 0F 10 11 12 13 14 15 16 17 18 19 1A 1B 1C 1D 1E 1F  PRI!  .OA.tu.FHJL1.B.XX
00 01 02 03 04 05 06 07 08 09 0A 0B 0C 0D 0E 0F 10 11 12 13 14 15 16 17 18 19 1A 1B 1C 1D 1E 1F  PRI!  .OA.tu.FHJL1.B.XX
00 01 02 03 04 05 06 07 08 09 0A 0B 0C 0D 0E 0F 10 11 12 13 14 15 16 17 18 19 1A 1B 1C 1D 1E 1F  PRI!  .OA.tu.FHJL1.B.XX
00 01 02 03 04 05 06 07 08 09 0A 0B 0C 0D 0E 0F 10 11 12 13 14 15 16 17 18 19 1A 1B 1C 1D 1E 1F  PRI!  .OA.tu.FHJL1.B.XX
00 01 02 03 04 05 06 07 08 09 0A 0B 0C 0D 0E 0F 10 11 12 13 14 15 16 17 18 19 1A 1B 1C 1D 1E 1F  PRI!  .OA.tu.FHJL1.B.XX
00 01 02 03 04 05 06 07 08 09 0A 0B 0C 0D 0E 0F 10 11 12 13 14 15 16 17 18 19 1A 1B 1C 1D 1E 1F  PRI!  .OA.tu.FHJL1.B.XX
00 01 02 03 04 05 06 07 08 09 0A 0B 0C 0D 0E 0F 10 11 12 13 14 15 16 17 18 19 1A 1B 1C 1D 1E 1F  PRI!  .OA.tu.FHJL1.B.XX
00 01 02 03 04 05 06 07 08 09 0A 0B 0C 0D 0E 0F 10 11 12 13 14 15 16 17 18 19 1A 1B 1C 1D 1E 1F  PRI!  .OA.tu.FHJL1.B.XX
00 01 02 03 04 05 06 07 08 09 0A 0B 0C 0D 0E 0F 10 11 12 13 14 15 16 17 18 19 1A 1B 1C 1D 1E 1F  PRI!  .OA.tu.FHJL1.B.XX
00 01 02 03 04 05 06 07 08 09 0A 0B 0C 0D 0E 0F 10 11 12 13 14 15 16 17 18 19 1A 1B 1C 1D 1E 1F  PRI!  .OA.tu.FHJL1.B.XX
00 01 02 03 04 05 06 07 08 09 0A 0B 0C 0D 0E 0F 10 11 12 13 14 15 16 17 18 19 1A 1B 1C 1D 1E 1F  PRI!  .OA.tu.FHJL1.B.XX
00 01 02 03 04 05 06 07 08 09 0A 0B 0C 0D 0E 0F 10 11 12 13 14 15 16 17 18 19 1A 1B 1C 1D 1E 1F  PRI!  .OA.tu.FHJL1.B.XX
= PMS        LOC 00 01 02 03 04 05 06 07 08 09 0A 0B 0C 0D 0E 0F
00 01 02 03 04 05 06 07 08 09 0A 0B 0C 0D 0E 0F 10 11 12 13 14 15 16 17 18 19 1A 1B 1C 1D 1E 1F  PRI!  .OA.tu.FHJL1.B.XX
00 01 02 03 04 05 06 07 08 09 0A 0B 0C 0D 0E 0F 10 11 12 13 14 15 16 17 18 19 1A 1B 1C 1D 1E 1F  PRI!  .OA.tu.FHJL1.B.XX
00 01 02 03 04 05 06 07 08 09 0A 0B 0C 0D 0E 0F 10 11 12 13 14 15 16 17 18 19 1A 1B 1C 1D 1E 1F  PRI!  .OA.tu.FHJL1.B.XX
00 01 02 03 04 05 06 07 08 09 0A 0B 0C 0D 0E 0F 10 11 12 13 14 15 16 17 18 19 1A 1B 1C 1D 1E 1F  PRI!  .OA.tu.FHJL1.B.XX
00 01 02 03 04 05 06 07 08 09 0A 0B 0C 0D 0E 0F 10 11 12 13 14 15 16 17 18 19 1A 1B 1C 1D 1E 1F  PRI!  .OA.tu.FHJL1.B.XX
00 01 02 03 04 05 06 07 08 09 0A 0B 0C 0D 0E 0F 10 11 12 13 14 15 16 17 18 19 1A 1B 1C 1D 1E 1F  PRI!  .OA.tu.FHJL1.B.XX
00 01 02 03 04 05 06 07 08 09 0A 0B 0C 0D 0E 0F 10 11 12 13 14 15 16 17 18 19 1A 1B 1C 1D 1E 1F  PRI!  .OA.tu.FHJL1.B.XX
00 01 02 03 04 05 06 07 08 09 0A 0B 0C 0D 0E 0F 10 11 12 13 14 15 16 17 18 19 1A 1B 1C 1D 1E 1F  PRI!  .OA.tu.FHJL1.B.XX
00 01 02 03 04 05 06 07 08 09 0A 0B 0C 0D 0E 0F 10 11 12 13 14 15 16 17 18 19 1A 1B 1C 1D 1E 1F  PRI!  .OA.tu.FHJL1.B.XX
00 01 02 03 04 05 06 07 08 09 0A 0B 0C 0D 0E 0F 10 11 12 13 14 15 16 17 18 19 1A 1B 1C 1D 1E 1F  PRI!  .OA.tu.FHJL1.B.XX
00 01 02 03 04 05 06 07 08 09 0A 0B 0C 0D 0E 0F 10 11 12 13 14 15 16 17 18 19 1A 1B 1C 1D 1E 1F  PRI!  .OA.tu.FHJL1.B.XX
00 01 02 03 04 05 06 07 08 09 0A 0B 0C 0D 0E 0F 10 11 12 13 14 15 16 17 18 19 1A 1B 1C 1D 1E 1F  PRI!  .OA.tu.FHJL1.B.XX
00 01 02 03 04 05 06 07 08 09 0A 0B 0C 0D 0E 0F 10 11 12 13 14 15 16 17 18 19 1A 1B 1C 1D 1E 1F  PRI!  .OA.tu.FHJL1.B.XX
00 01 02 03 04 05 06 07 08 09 0A 0B 0C 0D 0E 0F 10 11 12 13 14 15 16 17 18 19 1A 1B 1C 1D 1E 1F  PRI!  .OA.tu.FHJL1.B.XX
= PMS        LOC 00 01 02 03 04 05 06 07 08 09 0A 0B 0C 0D 0E 0F
00 01 02 03 04 05 06 07 08 09 0A 0B 0C 0D 0E 0F 10 11 12 13 14 15 16 17 18 19 1A 1B 1C 1D 1E 1F  PRI!  .OA.tu.FHJL1.B.XX
00 01 02 03 04 05 06 07 08 09 0A 0B 0C 0D 0E 0F 10 11 12 13 14 15 16 17 18 19 1A 1B 1C 1D 1E 1F  PRI!  .OA.tu.FHJL1.B.XX
00 01 02 03 04 05 06 07 08 09 0A 0B 0C 0D 0E 0F 10 11 12 13 14 15 16 17 18 19 1A 1B 1C 1D 1E 1F  PRI!  .OA.tu.FHJL1.B.XX
00 01 02 03 04 05 06 07 08 09 0A 0B 0C 0D 0E 0F 10 11 12 13 14 15 16 17 18 19 1A 1B 1C 1D 1E 1F  PRI!  .OA.tu.FHJL1.B.XX
00 01 02 03 04 05 06 07 08 09 0A 0B 0C 0D 0E 0F 10 11 12 13 14 15 16 17 18 19 1A 1B 1C 1D 1E 1F  PRI!  .OA.tu.FHJL1.B.XX
00 01 02 03 04 05 06 07 08 09 0A 0B 0C 0D 0E 0F 10 11 12 13 14 15 16 17 18 19 1A 1B 1C 1D 1E 1F  PRI!  .OA.tu.FHJL1.B.XX
00 01 02 03 04 05 06 07 08 09 0A 0B 0C 0D 0E 0F 10 11 12 13 14 15 16 17 18 19 1A 1B 1C 1D 1E 1F  PRI!  .OA.tu.FHJL1.B.XX
00 01 02 03 04 05 06 07 08 09 0A 0B 0C 0D 0E 0F 10 11 12 13 14 15 16 17 18 19 1A 1B 1C 1D 1E 1F  PRI!  .OA.tu.FHJL1.B.XX
00 01 02 03 04 05 06 07 08 09 0A 0B 0C 0D 0E 0F 10 11 12 13 14 15 16 17 18 19 1A 1B 1C 1D 1E 1F  PRI!  .OA.tu.FHJL1.B.XX
00 01 02 03 04 05 06 07 08 09 0A 0B 0C 0D 0E 0F 10 11 12 13 14 15 16 17 18 19 1A 1B 1C 1D 1E 1F  PRI!  .OA.tu.FHJL1.B.XX
00 01 02 03 04 05 06 07 08 09 0A 0B 0C 0D 0E 0F 10 11 12 13 14 15 16 17 18 19 1A 1B 1C 1D 1E 1F  PRI!  .OA.tu.FHJL1.B.XX
00 01 02 03 04 05 06 07 08 09 0A 0B 0C 0D 0E 0F 10 11 12 13 14 15 16 17 18 19 1A 1B 1C 1D 1E 1F  PRI!  .OA.tu.FHJL1.B.XX
00 01 02 03 04 05 06 07 08 09 0A 0B 0C 0D 0E 0F 10 11 12 13 14 15 16 17 18 19 1A 1B 1C 1D 1E 1F  PRI!  .OA.tu.FHJL1.B.XX
00 01 02 03 04 05 06 07 08 09 0A 0B 0C 0D 0E 0F 10 11 12 13 14 15 16 17 18 19 1A 1B 1C 1D 1E 1F  PRI!  .OA.tu.FHJL1.B.XX
=PMS-ID      LOC 00 01 02 03 04 05 06 07 08 09 0A 0B 0C 0D 0E 0F
00 01 02 03 04 05 06 07 08 09 0A 0B 0C 0D 0E 0F 10 11 12 13 14 15 16 17 18 19 1A 1B 1C 1D 1E 1F  PRI!  .OA.tu.FHJL1.B.XX
=CCV         LOC 00 01 02 03 04 05 06 07 08 09 0A 0B 0C 0D 0E 0F
00 01 02 03 04 05 06 07 08 09 0A 0B 0C 0D 0E 0F 10 11 12 13 14 15 16 17 18 19 1A 1B 1C 1D 1E 1F  PRI!  .OA.tu.FHJL1.B.XX
=ERCHRT      LOC 00 01 02 03 04 05 06 07 08 09 0A 0B 0C 0D 0E 0F
00 01 02 03 04 05 06 07 08 09 0A 0B 0C 0D 0E 0F 10 11 12 13 14 15 16 17 18 19 1A 1B 1C 1D 1E 1F  PRI!  .OA.tu.FHJL1.B.XX
=PMS-IDCB    LOC 00 01 02 03 04 05 06 07 08 09 0A 0B 0C 0D 0E 0F  TSB2/MSCC
00 01 02 03 04 05 06 07 08 09 0A 0B 0C 0D 0E 0F 10 11 12 13 14 15 16 17 18 19 1A 1B 1C 1D 1E 1F  PRI!  .OA.tu.FHJL1.B.XX
=PMS-IDCB    LOC 00 01 02 03 04 05 06 07 08 09 0A 0B 0C 0D 0E 0F  TSB2/MSCC
00 01 02 03 04 05 06 07 08 09 0A 0B 0C 0D 0E 0F 10 11 12 13 14 15 16 17 18 19 1A 1B 1C 1D 1E 1F  PRI!  .OA.tu.FHJL1.B.XX
= DeCTRST    LOC 00 01 02 03 04 05 06 07 08 09 0A 0B 0C 0D 0E 0F
00 01 02 03 04 05 06 07 08 09 0A 0B 0C 0D 0E 0F 10 11 12 13 14 15 16 17 18 19 1A 1B 1C 1D 1E 1F  PRI!  .OA.tu.FHJL1.B.XX
